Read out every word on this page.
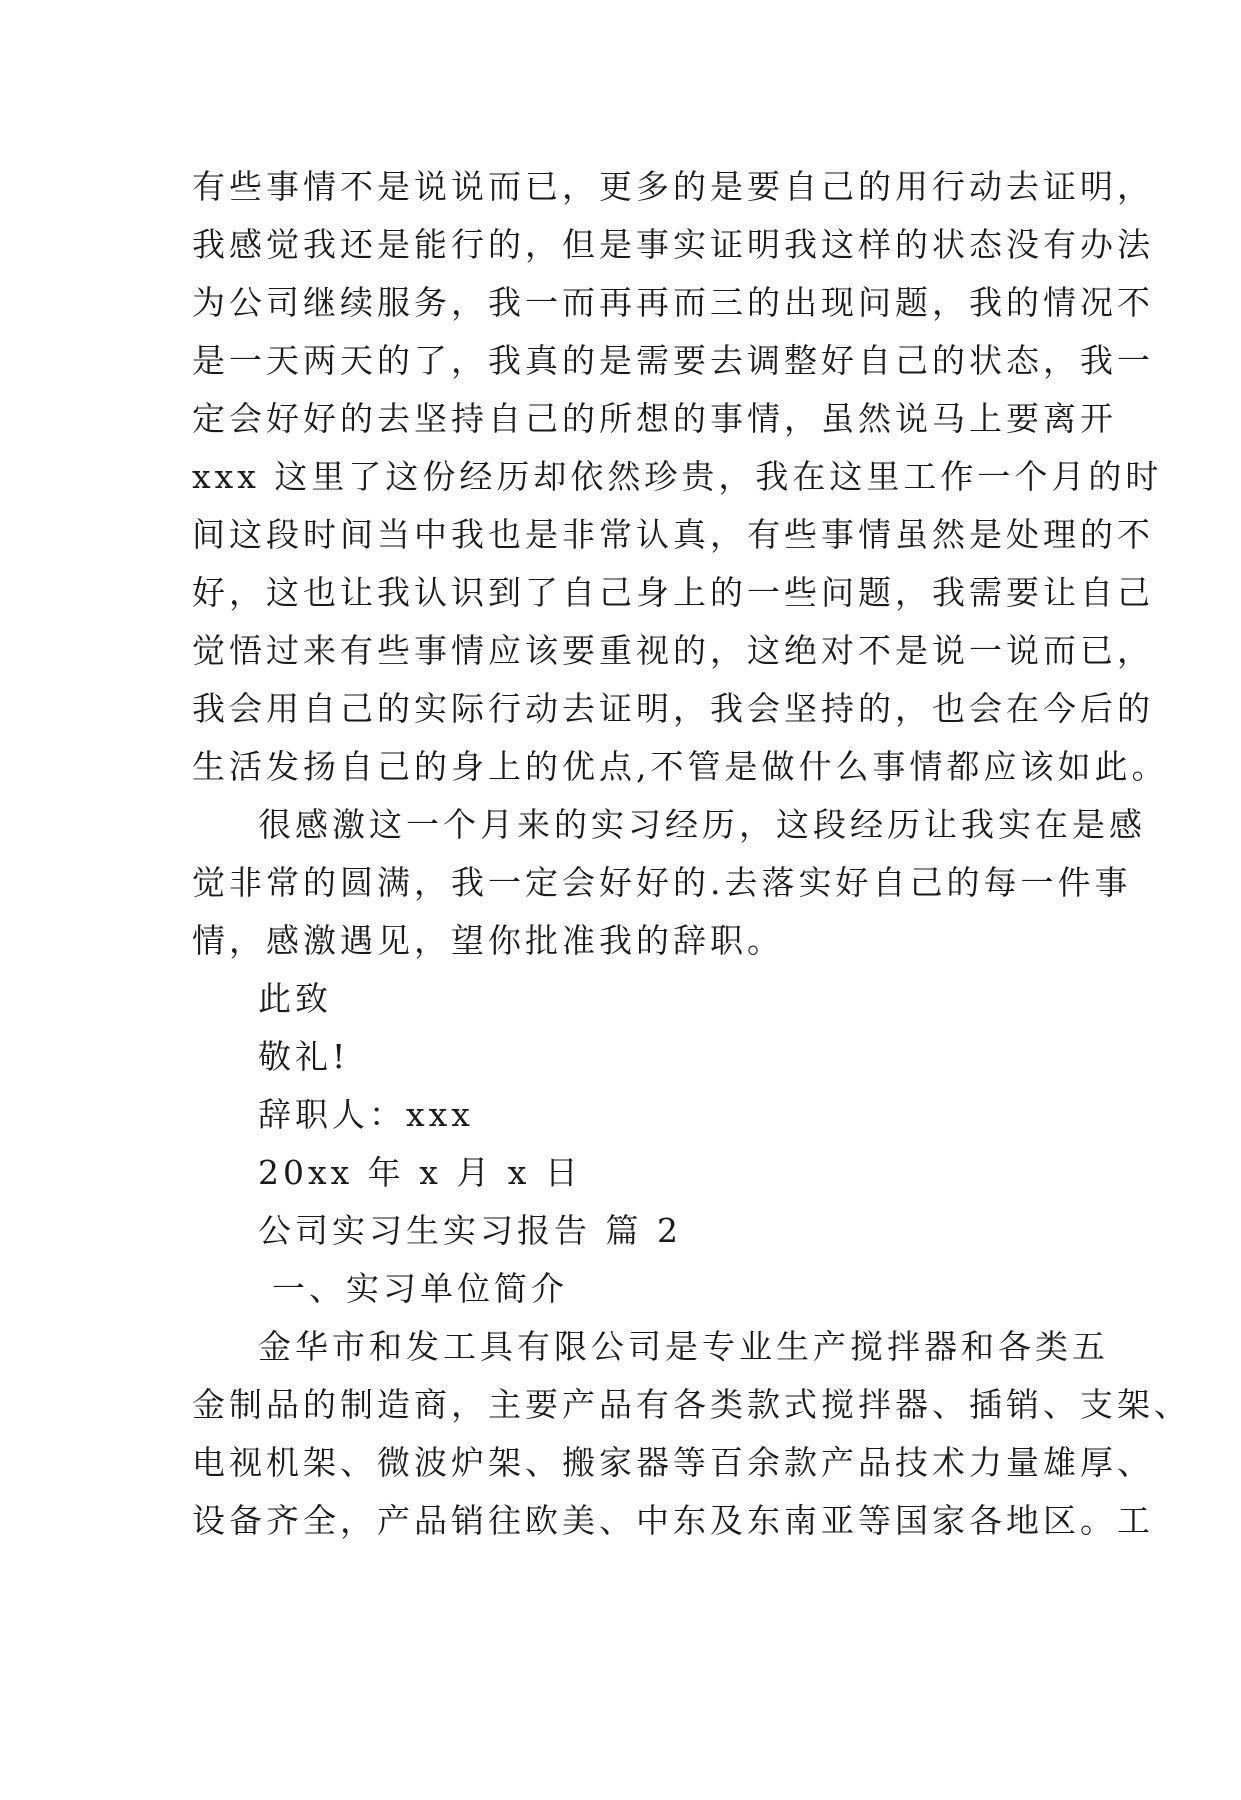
有些事情不是说说而已，更多的是要自己的用行动去证明，
我感觉我还是能行的，但是事实证明我这样的状态没有办法
为公司继续服务，我一而再再而三的出现问题，我的情况不
是一天两天的了，我真的是需要去调整好自己的状态，我一
定会好好的去坚持自己的所想的事情，虽然说马上要离开
xxx 这里了这份经历却依然珍贵，我在这里工作一个月的时
间这段时间当中我也是非常认真，有些事情虽然是处理的不
好，这也让我认识到了自己身上的一些问题，我需要让自己
觉悟过来有些事情应该要重视的，这绝对不是说一说而已，
我会用自己的实际行动去证明，我会坚持的，也会在今后的
生活发扬自己的身上的优点,不管是做什么事情都应该如此。
很感激这一个月来的实习经历，这段经历让我实在是感
觉非常的圆满，我一定会好好的.去落实好自己的每一件事
情，感激遇见，望你批准我的辞职。
此致
敬礼!
辞职人：xxx
20xx 年 x 月 x 日
公司实习生实习报告 篇 2
一、实习单位简介
金华市和发工具有限公司是专业生产搅拌器和各类五
金制品的制造商，主要产品有各类款式搅拌器、插销、支架、
电视机架、微波炉架、搬家器等百余款产品技术力量雄厚、
设备齐全，产品销往欧美、中东及东南亚等国家各地区。工
